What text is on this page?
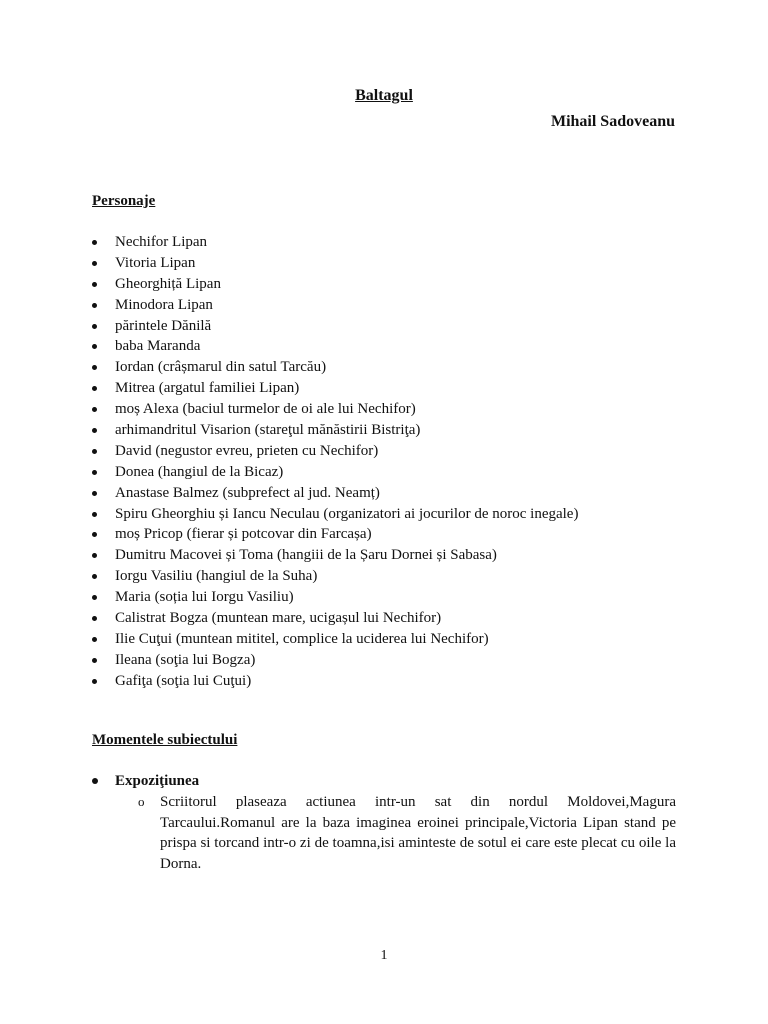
Baltagul
Mihail Sadoveanu
Personaje
Nechifor Lipan
Vitoria Lipan
Gheorghiță Lipan
Minodora Lipan
părintele Dănilă
baba Maranda
Iordan (crâșmarul din satul Tarcău)
Mitrea (argatul familiei Lipan)
moș Alexa (baciul turmelor de oi ale lui Nechifor)
arhimandritul Visarion (stareţul mănăstirii Bistriţa)
David (negustor evreu, prieten cu Nechifor)
Donea (hangiul de la Bicaz)
Anastase Balmez (subprefect al jud. Neamț)
Spiru Gheorghiu și Iancu Neculau (organizatori ai jocurilor de noroc inegale)
moș Pricop (fierar și potcovar din Farcașa)
Dumitru Macovei și Toma (hangiii de la Șaru Dornei și Sabasa)
Iorgu Vasiliu (hangiul de la Suha)
Maria (soția lui Iorgu Vasiliu)
Calistrat Bogza (muntean mare, ucigașul lui Nechifor)
Ilie Cuţui (muntean mititel, complice la uciderea lui Nechifor)
Ileana (soţia lui Bogza)
Gafiţa (soţia lui Cuţui)
Momentele subiectului
Expoziţiunea
o Scriitorul plaseaza actiunea intr-un sat din nordul Moldovei,Magura Tarcaului.Romanul are la baza imaginea eroinei principale,Victoria Lipan stand pe prispa si torcand intr-o zi de toamna,isi aminteste de sotul ei care este plecat cu oile la Dorna.
1
